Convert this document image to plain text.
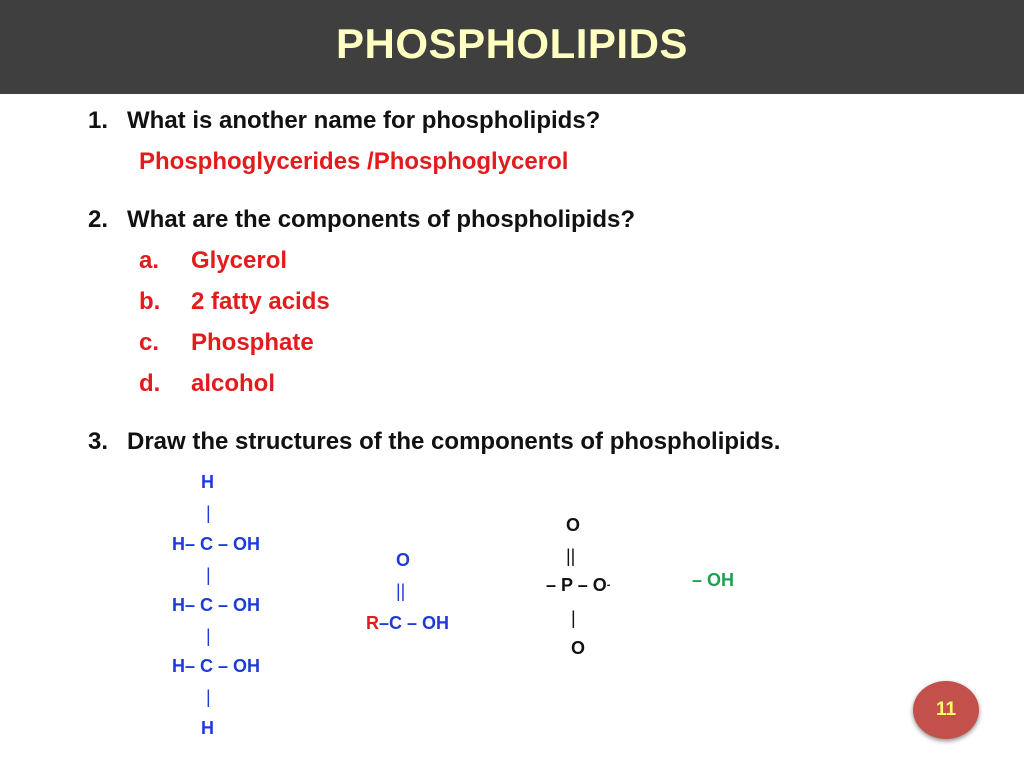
PHOSPHOLIPIDS
1. What is another name for phospholipids?
Phosphoglycerides /Phosphoglycerol
2. What are the components of phospholipids?
a. Glycerol
b. 2 fatty acids
c. Phosphate
d. alcohol
3. Draw the structures of the components of phospholipids.
H
|
H– C – OH
|
H– C – OH
|
H– C – OH
|
H
O
||
R–C – OH
O
||
– P – O-
|
O
– OH
11
